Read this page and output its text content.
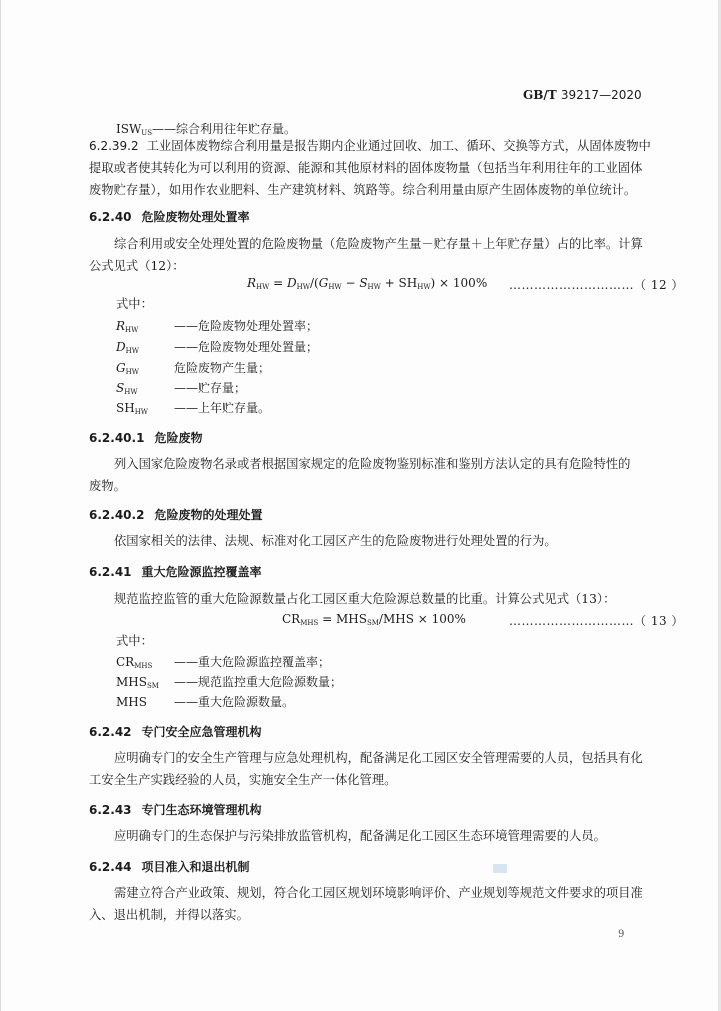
GB/T 39217—2020
$ISW_{US}——$综合利用往年贮存量。
6.2.39.2 工业固体废物综合利用量是报告期内企业通过回收、加工、循环、交换等方式，从固体废物中
提取或者使其转化为可以利用的资源、能源和其他原材料的固体废物量（包括当年利用往年的工业固体
废物贮存量），如用作农业肥料、生产建筑材料、筑路等。综合利用量由原产生固体废物的单位统计。
6.2.40 危险废物处理处置率
综合利用或安全处理处置的危险废物量（危险废物产生量－贮存量＋上年贮存量）占的比率。计算
公式见式（12）：
$R_{HW} = D_{HW}/(G_{HW} - S_{HW} + SH_{HW}) \times 100\%$ …………………………（ 12 ）
式中：
$R_{HW}$	——危险废物处理处置率；
$D_{HW}$	——危险废物处理处置量；
$G_{HW}$	危险废物产生量；
$S_{HW}$	——贮存量；
$SH_{HW}$ ——上年贮存量。
6.2.40.1 危险废物
列入国家危险废物名录或者根据国家规定的危险废物鉴别标准和鉴别方法认定的具有危险特性的
废物。
6.2.40.2 危险废物的处理处置
依国家相关的法律、法规、标准对化工园区产生的危险废物进行处理处置的行为。
6.2.41 重大危险源监控覆盖率
规范监控监管的重大危险源数量占化工园区重大危险源总数量的比重。计算公式见式（13）：
$CR_{MHS} = MHS_{SM}/MHS \times 100\%$	…………………………（ 13 ）
式中：
$CR_{MHS}$ ——重大危险源监控覆盖率；
$MHS_{SM}$ ——规范监控重大危险源数量；
MHS ——重大危险源数量。
6.2.42 专门安全应急管理机构
应明确专门的安全生产管理与应急处理机构，配备满足化工园区安全管理需要的人员，包括具有化
工安全生产实践经验的人员，实施安全生产一体化管理。
6.2.43 专门生态环境管理机构
应明确专门的生态保护与污染排放监管机构，配备满足化工园区生态环境管理需要的人员。
6.2.44 项目准入和退出机制
需建立符合产业政策、规划，符合化工园区规划环境影响评价、产业规划等规范文件要求的项目准
入、退出机制，并得以落实。
9
